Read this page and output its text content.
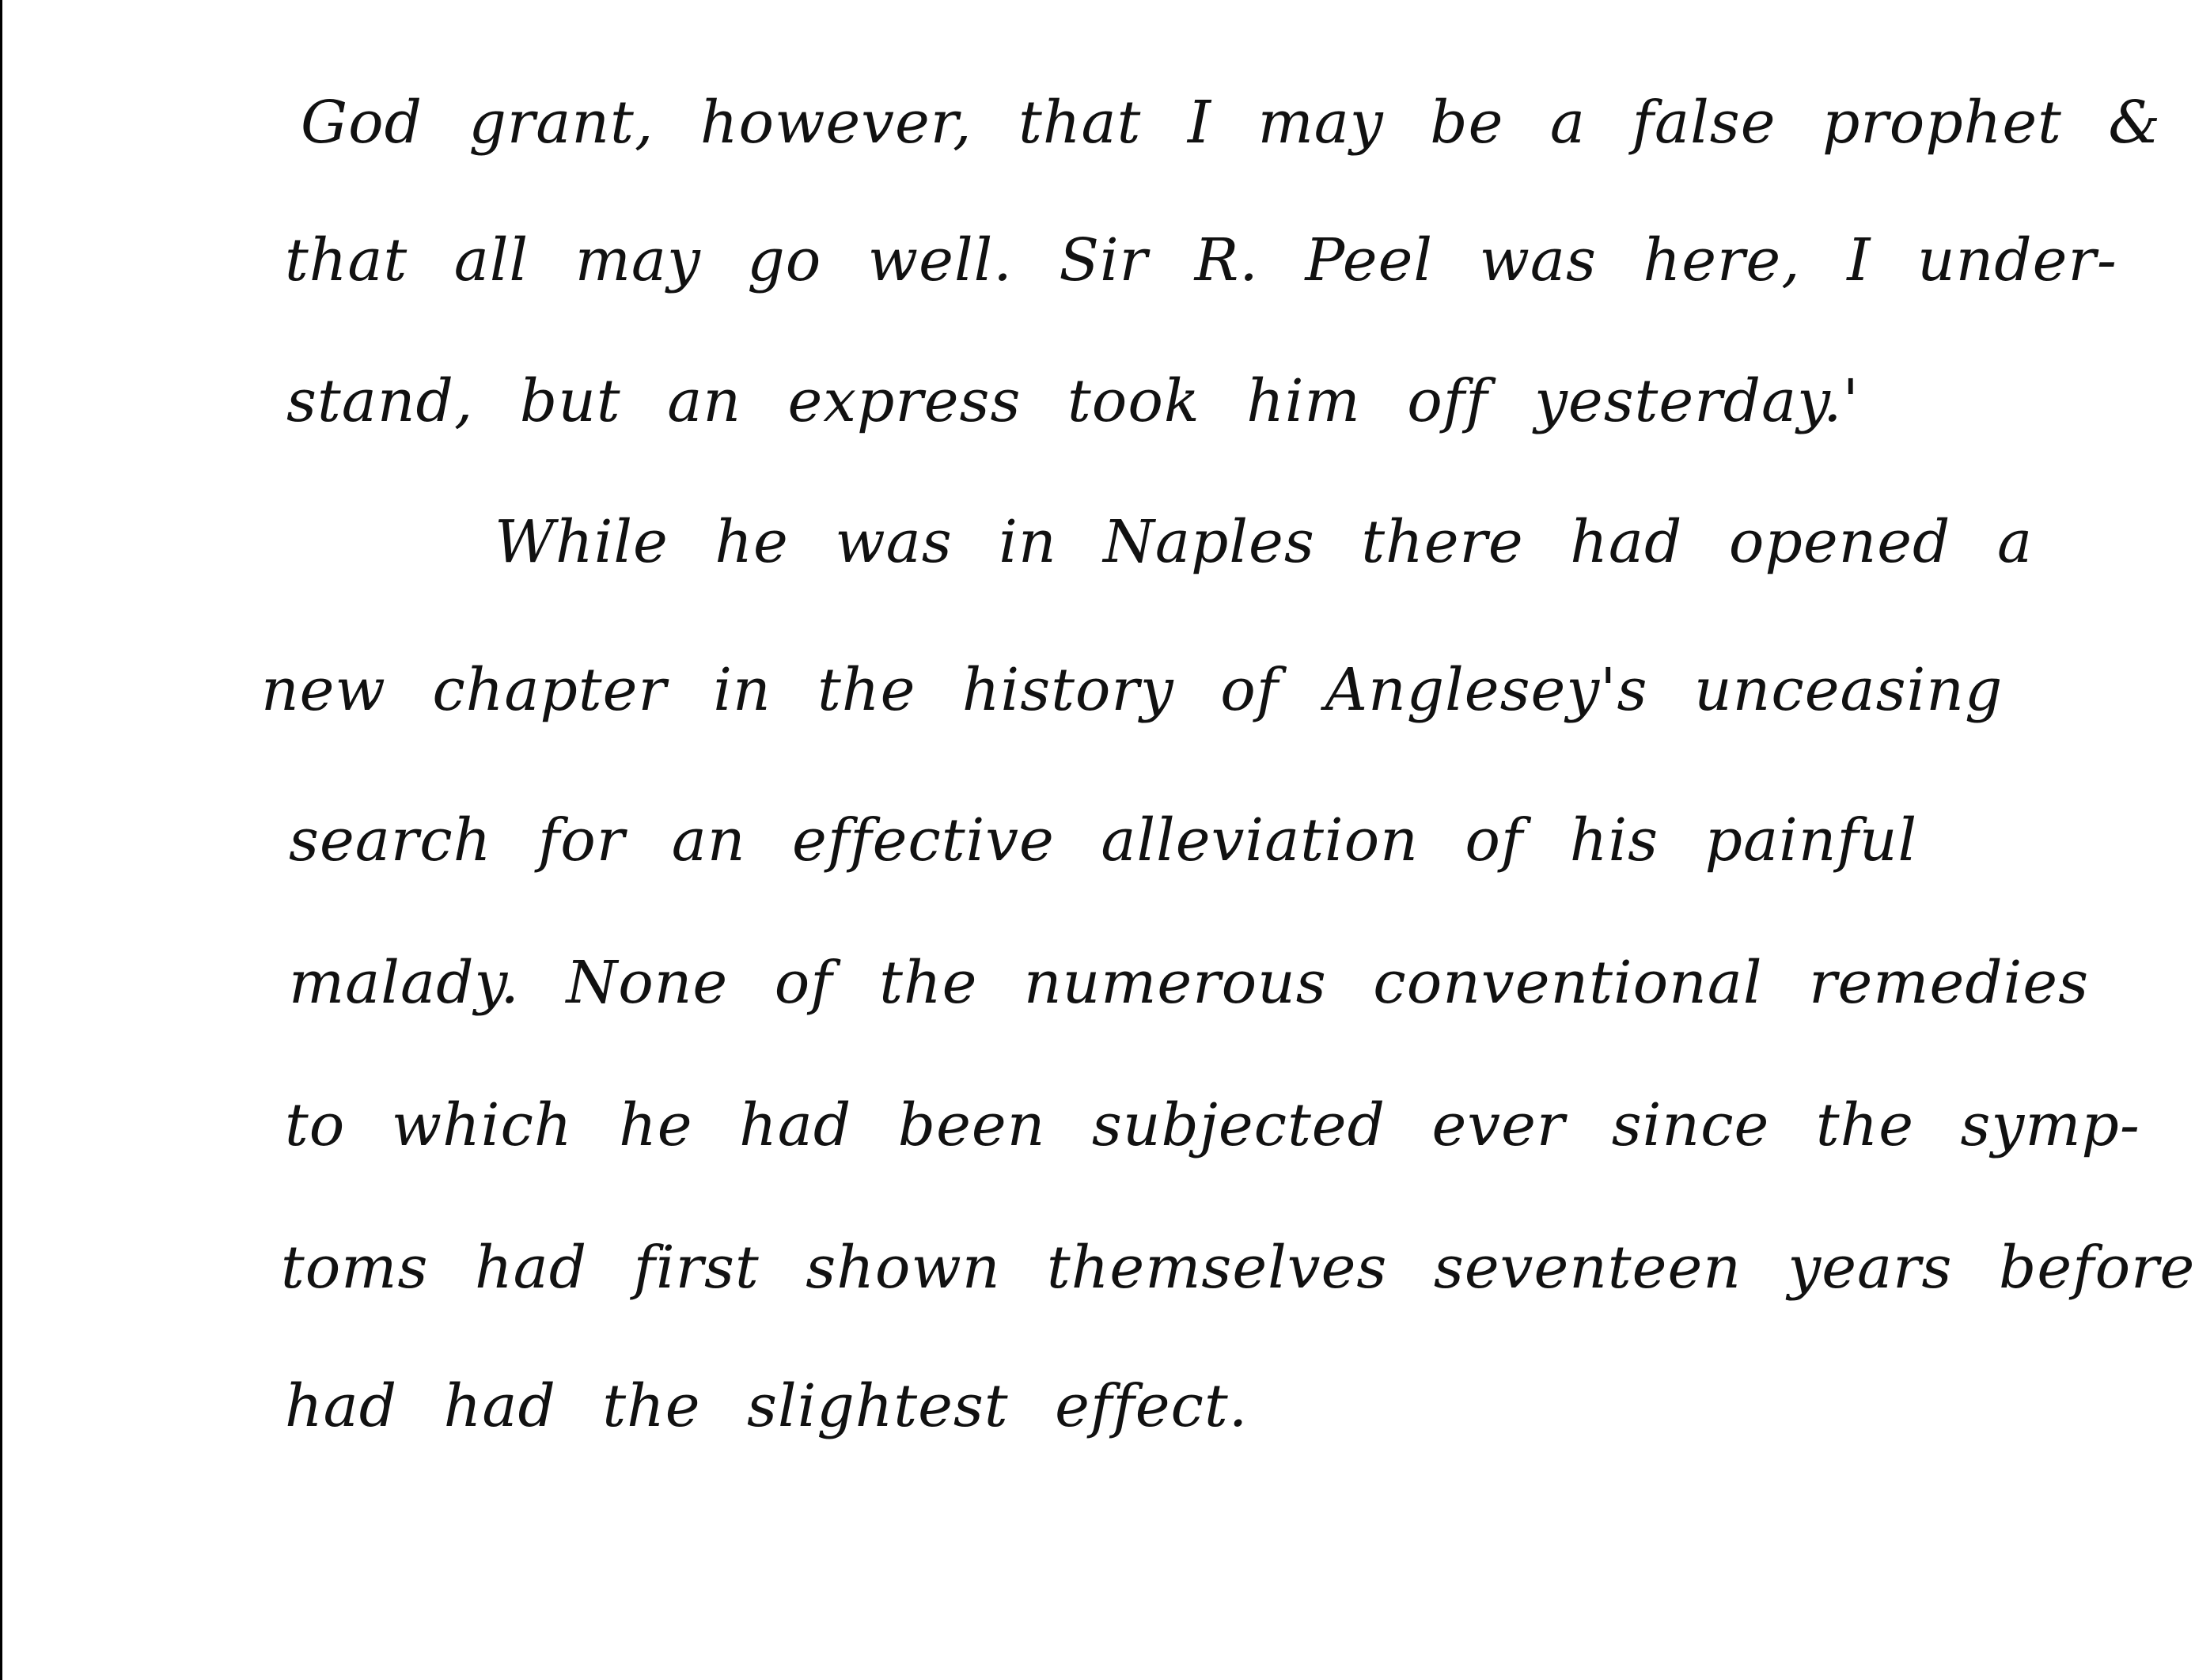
God grant, however, that I may be a false prophet &
that all may go well. Sir R. Peel was here, I under-
stand, but an express took him off yesterday.'
While he was in Naples there had opened a
new chapter in the history of Anglesey's unceasing
search for an effective alleviation of his painful
malady. None of the numerous conventional remedies
to which he had been subjected ever since the symp-
toms had first shown themselves seventeen years before
had had the slightest effect.
